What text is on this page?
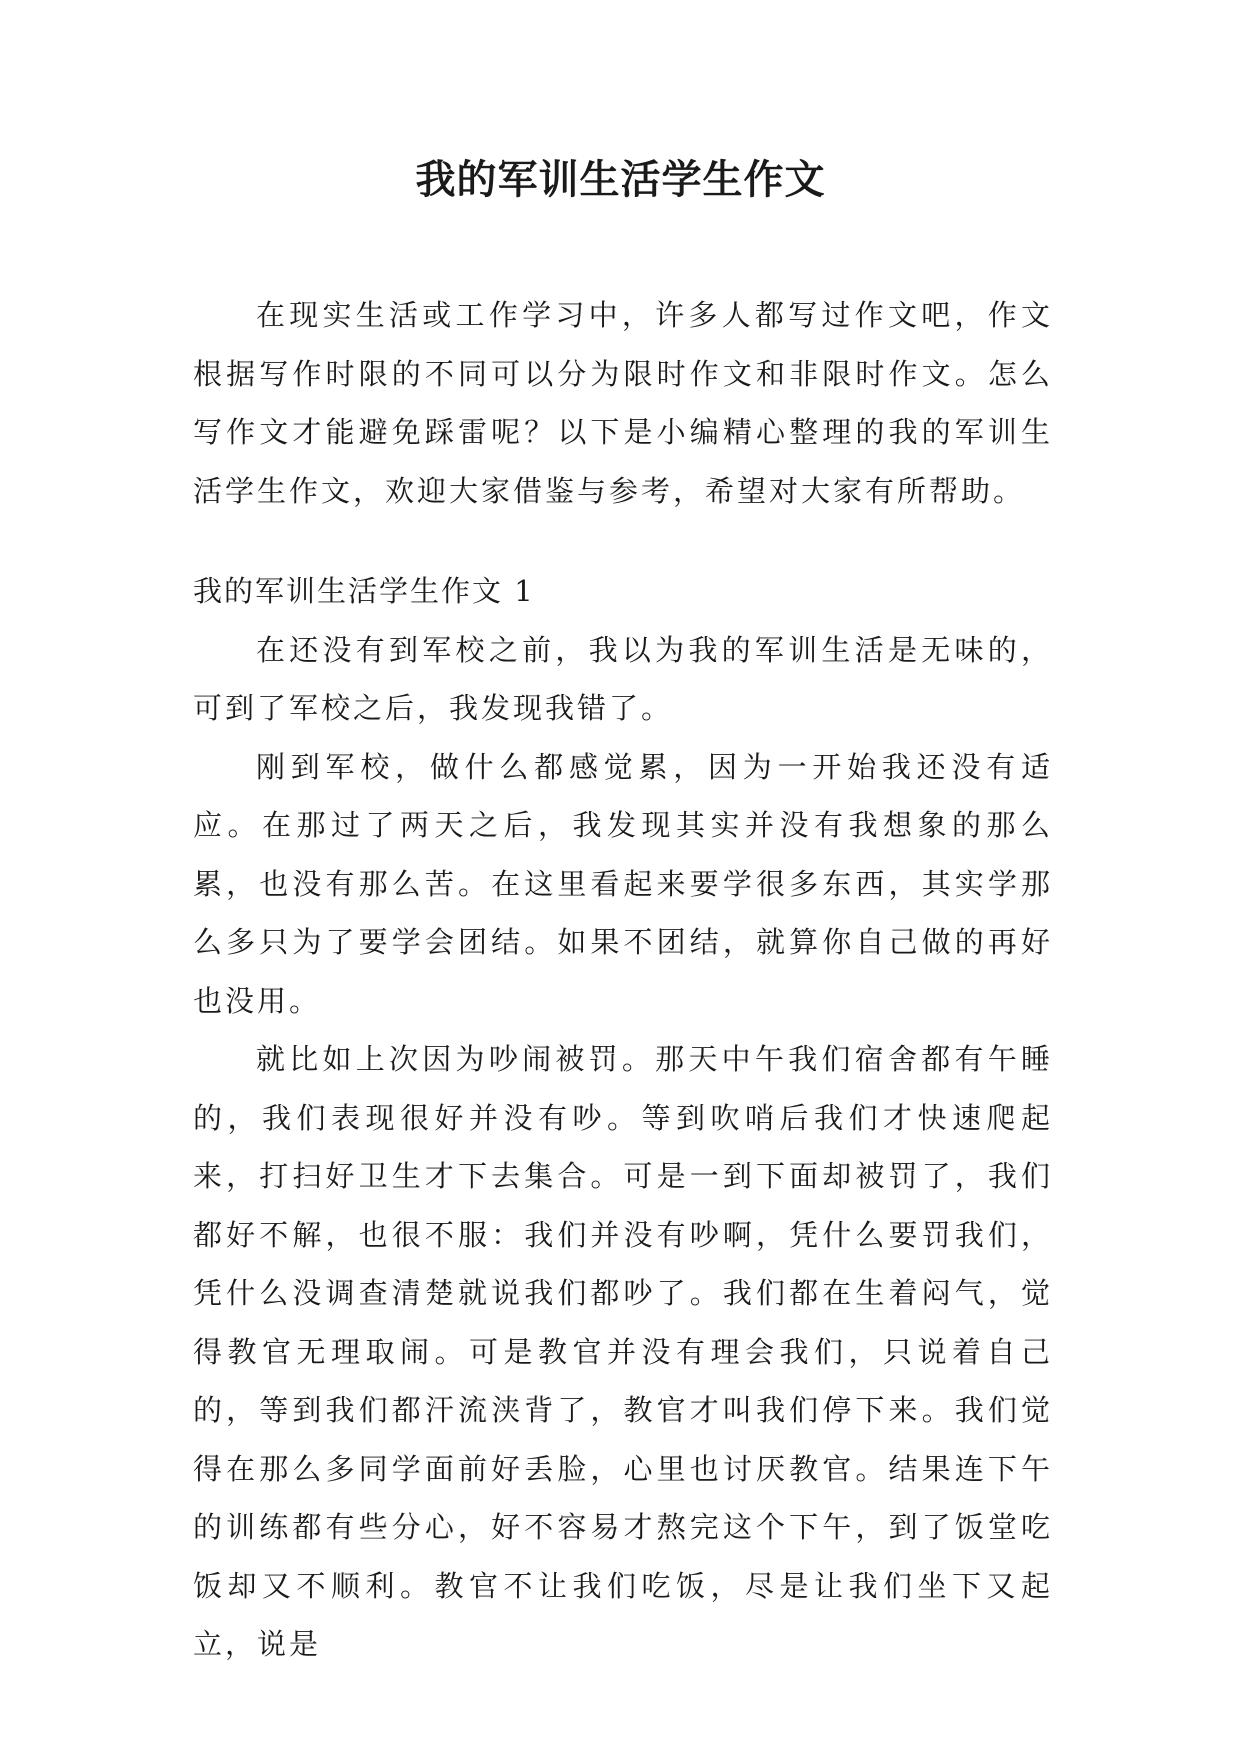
我的军训生活学生作文

在现实生活或工作学习中，许多人都写过作文吧，作文根据写作时限的不同可以分为限时作文和非限时作文。怎么写作文才能避免踩雷呢？以下是小编精心整理的我的军训生活学生作文，欢迎大家借鉴与参考，希望对大家有所帮助。

我的军训生活学生作文 1

在还没有到军校之前，我以为我的军训生活是无味的，可到了军校之后，我发现我错了。

刚到军校，做什么都感觉累，因为一开始我还没有适应。在那过了两天之后，我发现其实并没有我想象的那么累，也没有那么苦。在这里看起来要学很多东西，其实学那么多只为了要学会团结。如果不团结，就算你自己做的再好也没用。

就比如上次因为吵闹被罚。那天中午我们宿舍都有午睡的，我们表现很好并没有吵。等到吹哨后我们才快速爬起来，打扫好卫生才下去集合。可是一到下面却被罚了，我们都好不解，也很不服：我们并没有吵啊，凭什么要罚我们，凭什么没调查清楚就说我们都吵了。我们都在生着闷气，觉得教官无理取闹。可是教官并没有理会我们，只说着自己的，等到我们都汗流浃背了，教官才叫我们停下来。我们觉得在那么多同学面前好丢脸，心里也讨厌教官。结果连下午的训练都有些分心，好不容易才熬完这个下午，到了饭堂吃饭却又不顺利。教官不让我们吃饭，尽是让我们坐下又起立，说是
